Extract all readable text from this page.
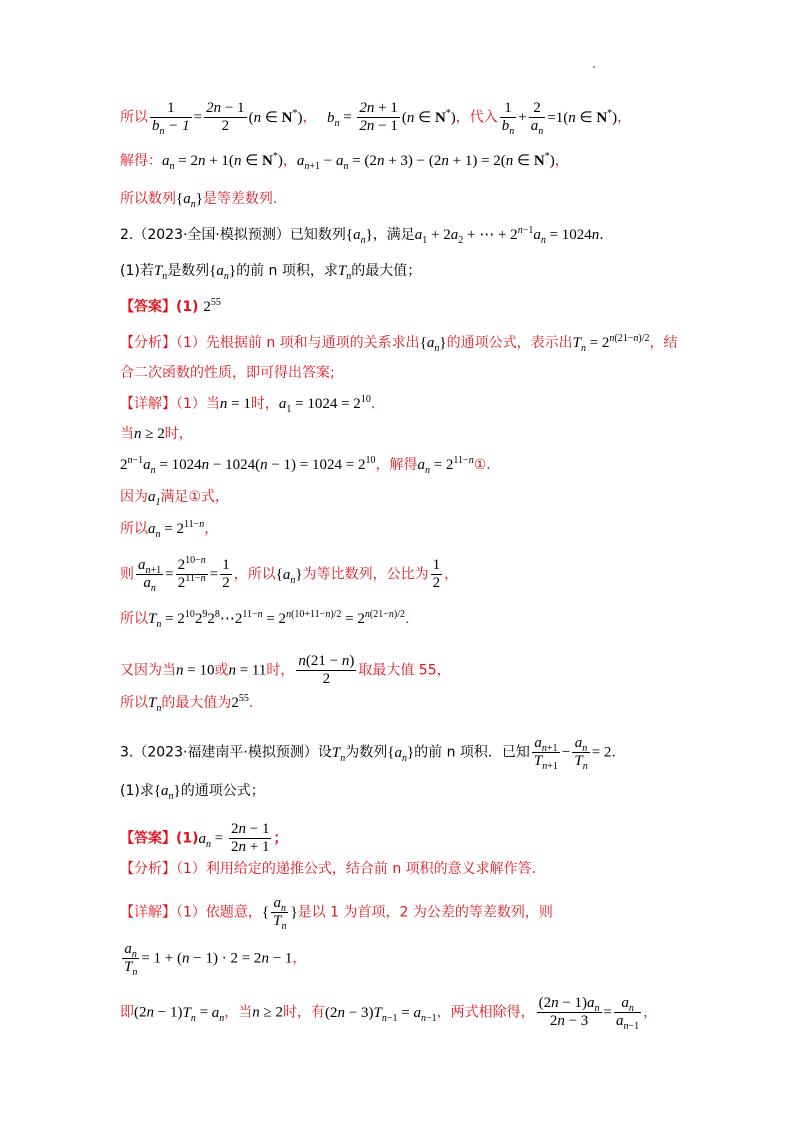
所以 $\frac{1}{b_n - 1} = \frac{2n - 1}{2} (n$ ∈ N*)， $b_n = \frac{2n + 1}{2n - 1} (n$ ∈ N*)，代入 $\frac{1}{b_n} + \frac{2}{a_n} =1(n$ ∈ N*)，
解得：$a_n = 2n + 1(n$ ∈ N*)，$a_{n+1} - a_n = (2n + 3) - (2n + 1) = 2(n$ ∈ N*)，
所以数列$\{a_n\}$是等差数列.
2.（2023·全国·模拟预测）已知数列$\{a_n\}$，满足$a_1 + 2a_2$ + ⋯ + $2^{n-1}a_n = 1024n$.
(1)若$T_n$是数列$\{a_n\}$的前 n 项积，求$T_n$的最大值；
【答案】(1) $2^{55}$
【分析】（1）先根据前 n 项和与通项的关系求出$\{a_n\}$的通项公式，表示出$T_n = 2^{n(21-n)/2}$，结
合二次函数的性质，即可得出答案;
【详解】（1）当n = 1时，$a_1 = 1024 = 2^{10}$.
当n ≥ 2时，
$2^{n-1}a_n = 1024n - 1024(n - 1) = 1024 = 2^{10}$，解得$a_n$ = $2^{11-n}①$.
因为$a_1$满足①式，
所以$a_n = 2^{11-n}$，
则 $\frac{a_{n+1}}{a_n} = \frac{2^{10-n}}{2^{11-n}} = \frac{1}{2}$ ，所以$\{a_n\}$为等比数列，公比为 $\frac{1}{2}$ ，
所以$T_n$ = $2^{10}2^92^8\cdots 2^{11-n} = 2^{n(10+11-n)/2} = 2^{n(21-n)/2}$.
又因为当n = 10或n = 11时， $\frac{n(21 - n)}{2}$ 取最大值 55，
所以$T_n$的最大值为$2^{55}$.
3.（2023·福建南平·模拟预测）设$T_n$为数列$\{a_n\}$的前 n 项积．已知 $\frac{a_{n+1}}{T_{n+1}} - \frac{a_n}{T_n} = 2$．
(1)求$\{a_n\}$的通项公式；
【答案】$(1)a_n = \frac{2n - 1}{2n + 1}$ ；
【分析】（1）利用给定的递推公式，结合前 n 项积的意义求解作答.
【详解】（1）依题意，{ $\frac{a_n}{T_n}$ }是以 1 为首项，2 为公差的等差数列，则
$\frac{a_n}{T_n} = 1 + (n - 1) \cdot 2 = 2n - 1$，
即$(2n - 1)T_n = a_n$，当n ≥ 2时，有$(2n - 3)T_{n-1} = a_{n-1}$，两式相除得， $\frac{(2n - 1)a_n}{2n - 3} = \frac{a_n}{a_{n-1}}$ ，
